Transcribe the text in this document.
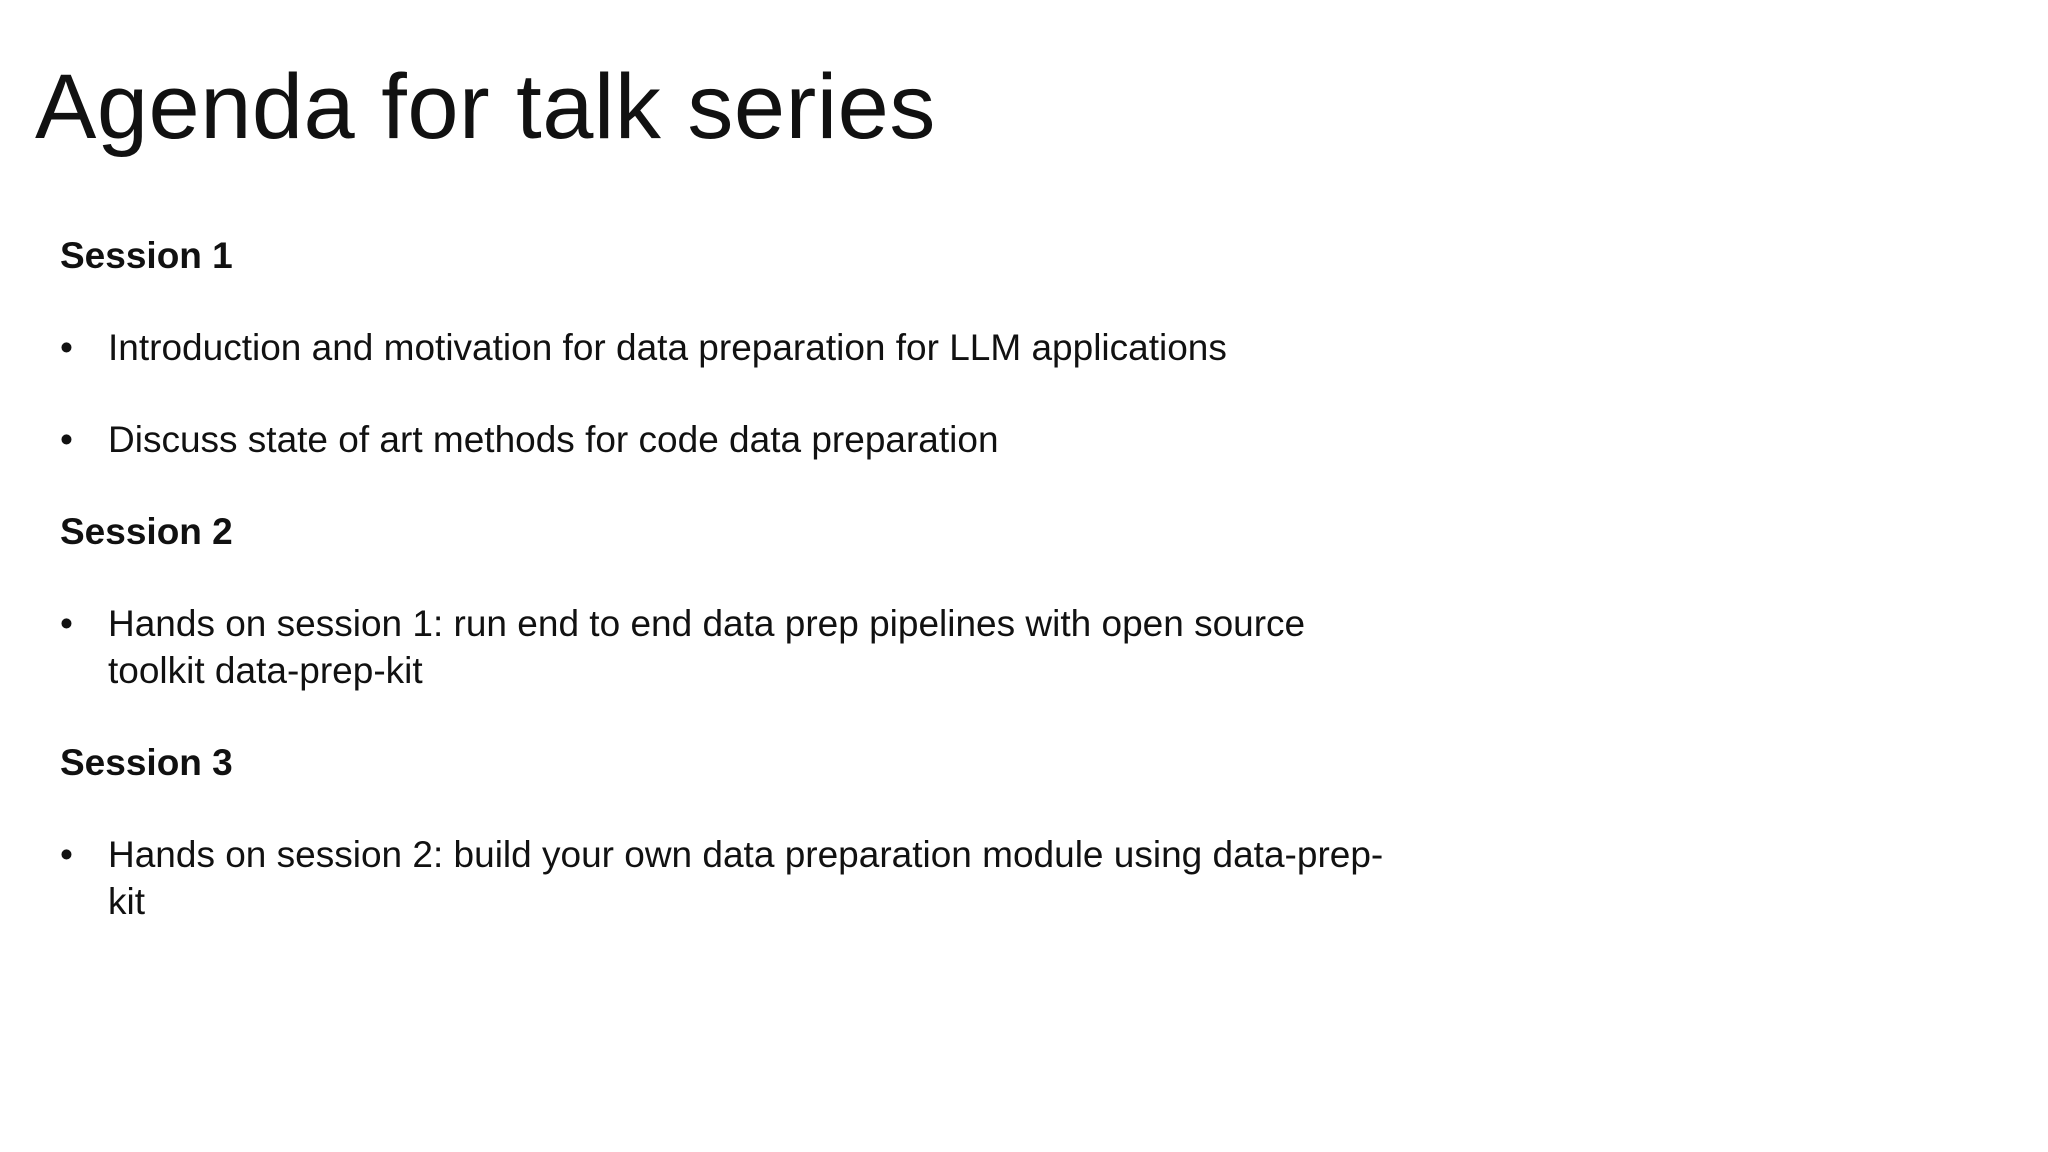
Agenda for talk series
Session 1
• Introduction and motivation for data preparation for LLM applications
• Discuss state of art methods for code data preparation
Session 2
• Hands on session 1: run end to end data prep pipelines with open source toolkit data-prep-kit
Session 3
• Hands on session 2: build your own data preparation module using data-prep-kit
